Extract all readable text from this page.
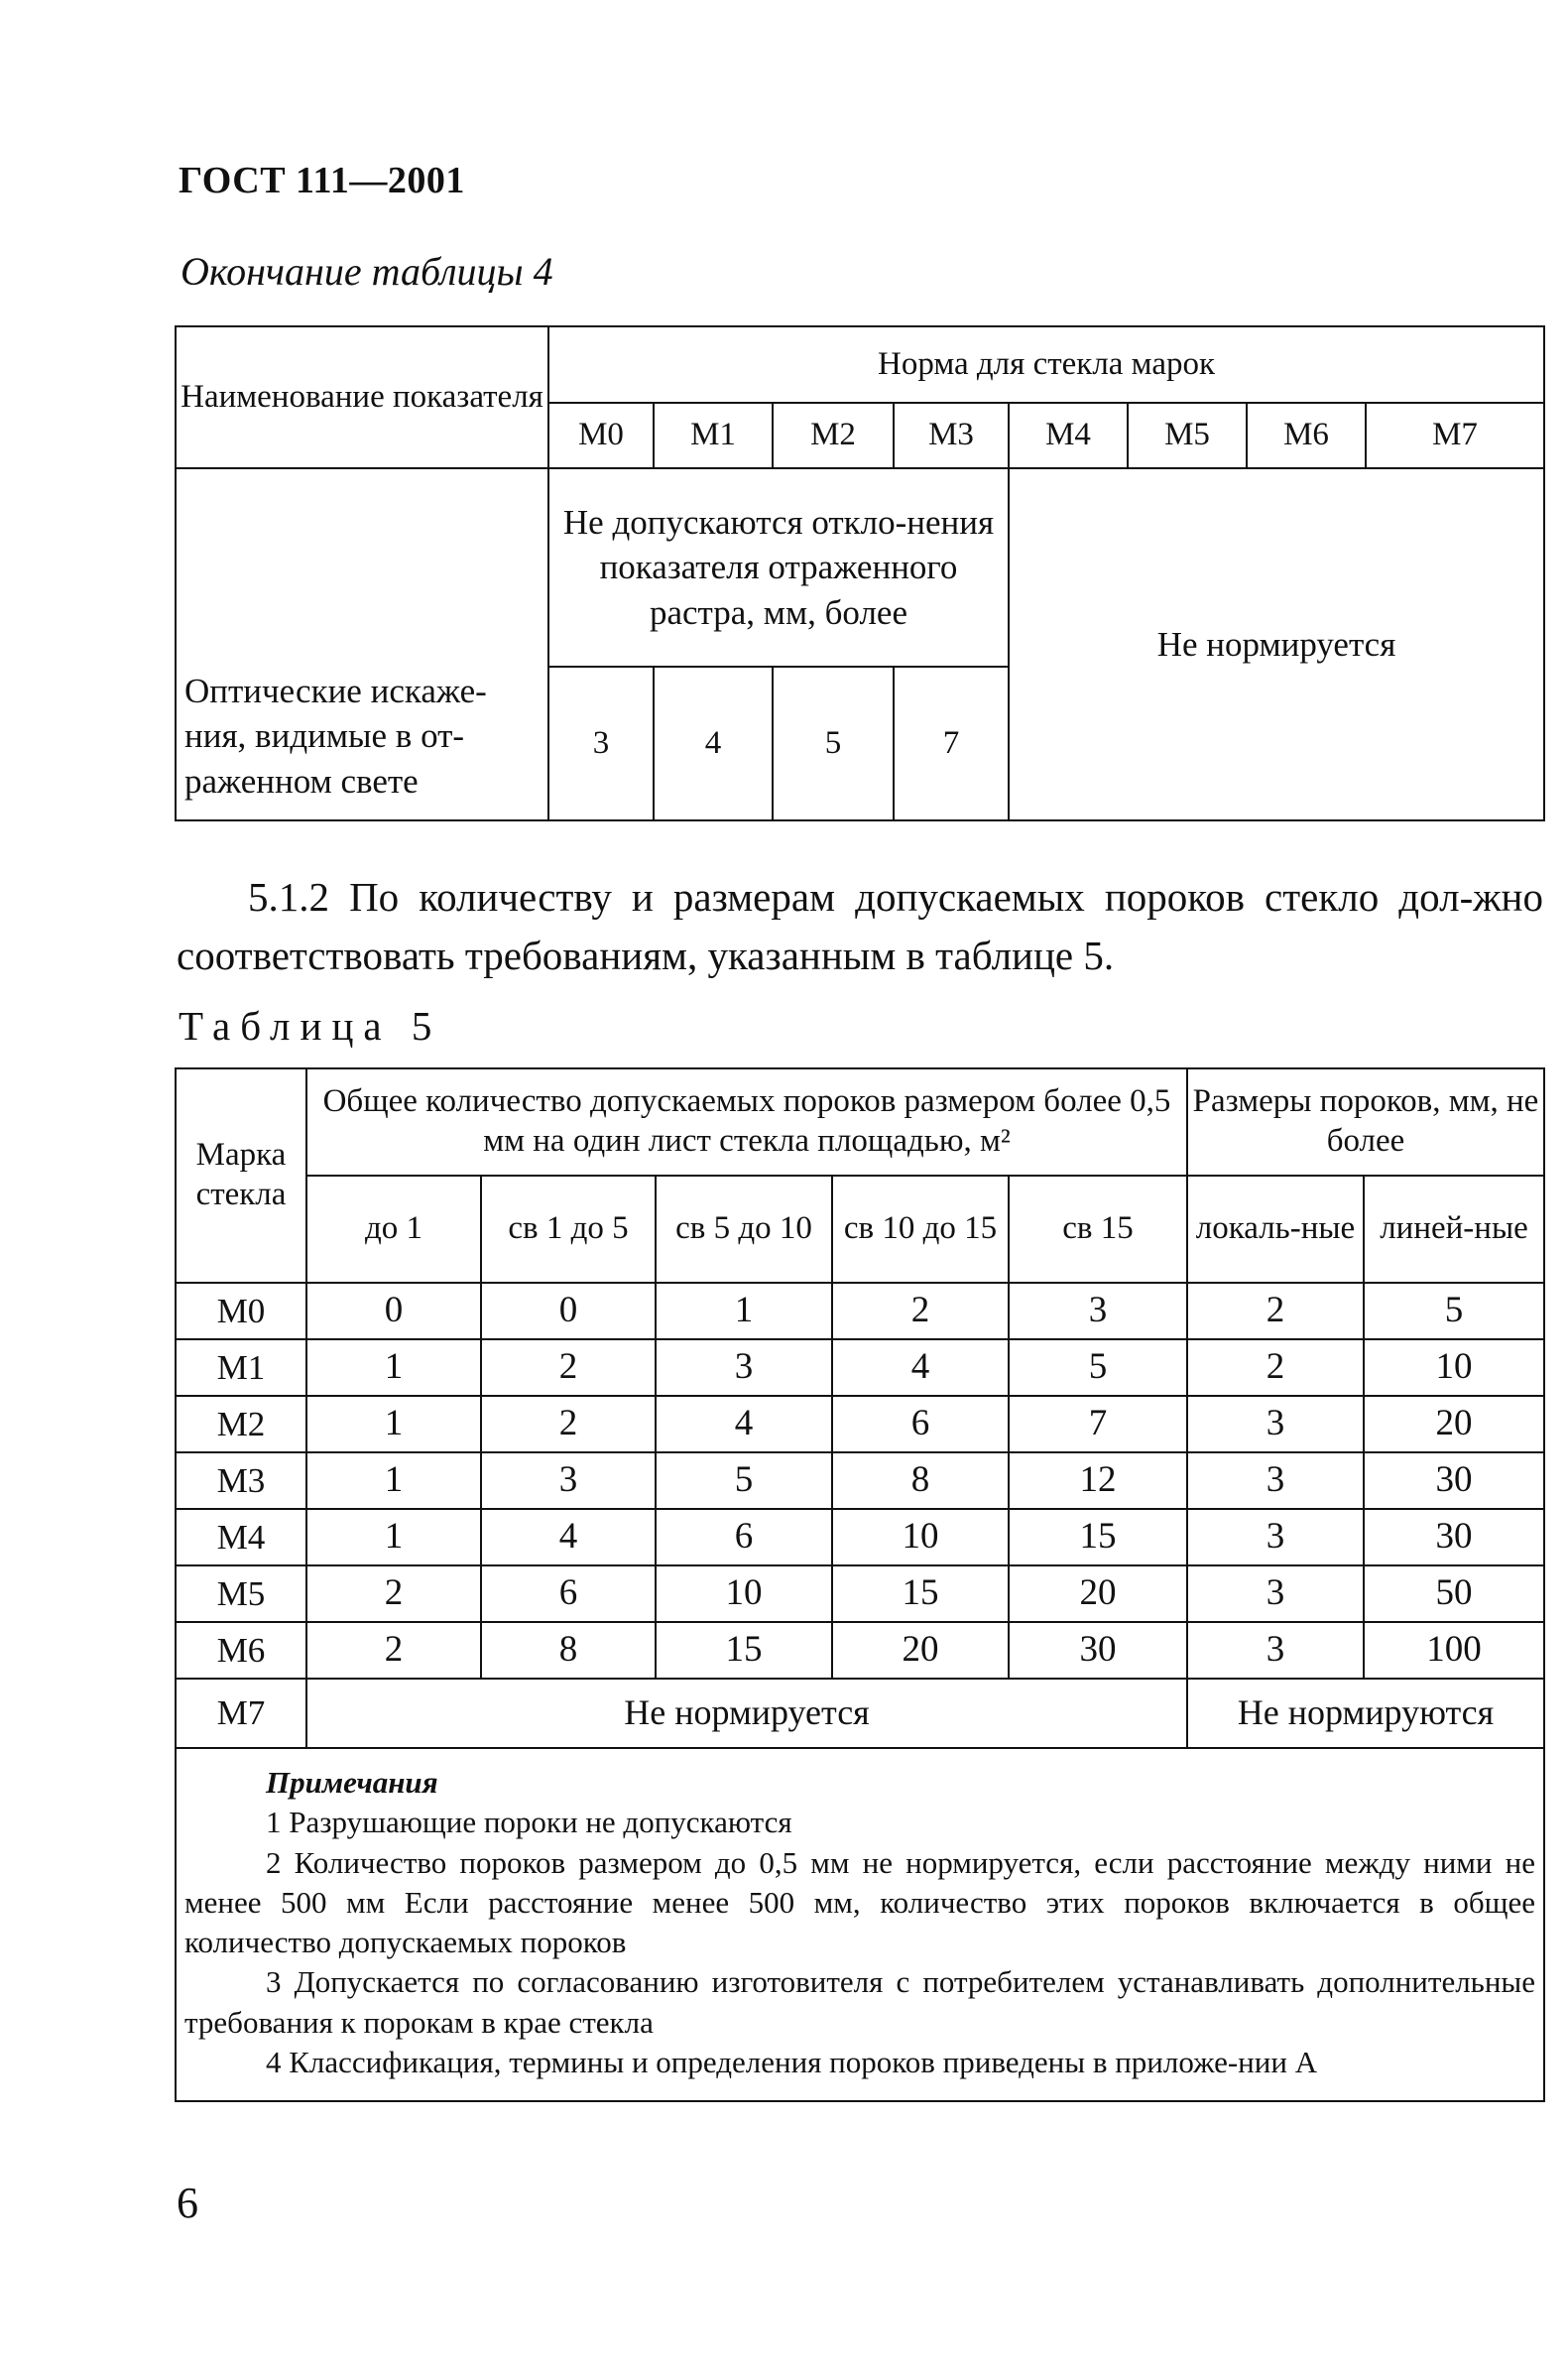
ГОСТ 111—2001
Окончание таблицы 4
Наименование показателя	Норма для стекла марок							
	M0	M1	M2	M3	M4	M5	M6	M7
Оптические искаже-ния, видимые в от-раженном свете	Не допускаются откло-нения показателя отраженного растра, мм, более				Не нормируется			
	3	4	5	7				
5.1.2 По количеству и размерам допускаемых пороков стекло дол-жно соответствовать требованиям, указанным в таблице 5.
Таблица 5
Марка стекла	Общее количество допускаемых пороков размером более 0,5 мм на один лист стекла площадью, м²					Размеры пороков, мм, не более	
	до 1	св 1 до 5	св 5 до 10	св 10 до 15	св 15	локаль-ные	линей-ные
M0	0	0	1	2	3	2	5
M1	1	2	3	4	5	2	10
M2	1	2	4	6	7	3	20
M3	1	3	5	8	12	3	30
M4	1	4	6	10	15	3	30
M5	2	6	10	15	20	3	50
M6	2	8	15	20	30	3	100
M7	Не нормируется					Не нормируются	

Примечания
1 Разрушающие пороки не допускаются
2 Количество пороков размером до 0,5 мм не нормируется, если расстояние между ними не менее 500 мм Если расстояние менее 500 мм, количество этих пороков включается в общее количество допускаемых пороков
3 Допускается по согласованию изготовителя с потребителем устанавливать дополнительные требования к порокам в крае стекла
4 Классификация, термины и определения пороков приведены в приложе-нии А							
6
